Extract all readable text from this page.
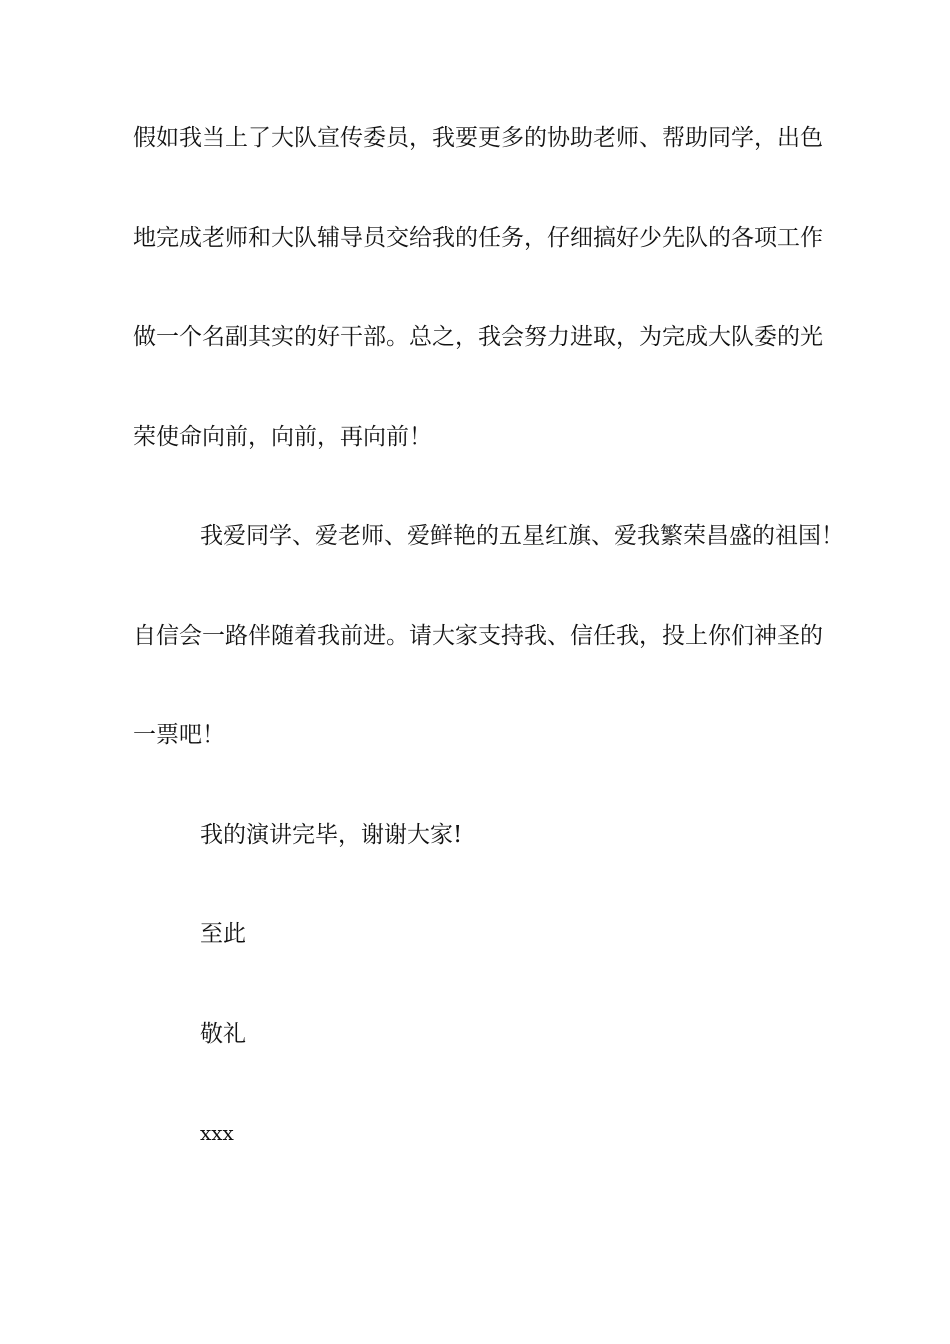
假如我当上了大队宣传委员，我要更多的协助老师、帮助同学，出色
地完成老师和大队辅导员交给我的任务，仔细搞好少先队的各项工作
做一个名副其实的好干部。总之，我会努力进取，为完成大队委的光
荣使命向前，向前，再向前！
我爱同学、爱老师、爱鲜艳的五星红旗、爱我繁荣昌盛的祖国！
自信会一路伴随着我前进。请大家支持我、信任我，投上你们神圣的
一票吧！
我的演讲完毕，谢谢大家!
至此
敬礼
xxx
